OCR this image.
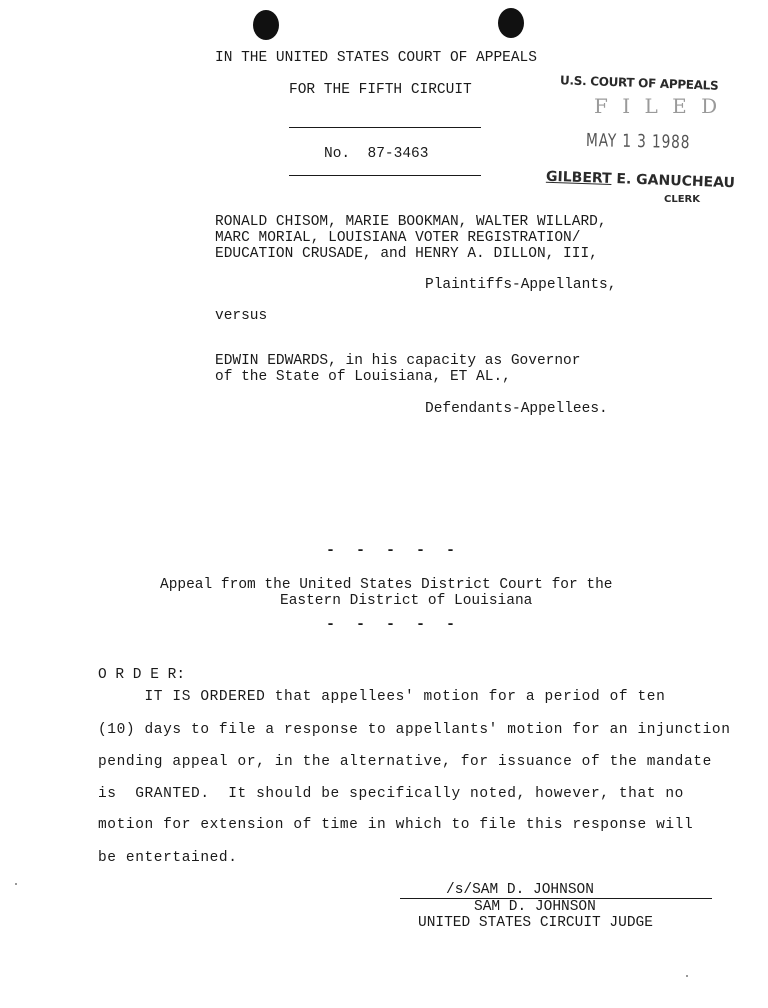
IN THE UNITED STATES COURT OF APPEALS
FOR THE FIFTH CIRCUIT
No.  87-3463
U.S. COURT OF APPEALS
F I L E D
MAY 1 3 1988
GILBERT E. GANUCHEAU
CLERK
RONALD CHISOM, MARIE BOOKMAN, WALTER WILLARD,
MARC MORIAL, LOUISIANA VOTER REGISTRATION/
EDUCATION CRUSADE, and HENRY A. DILLON, III,
Plaintiffs-Appellants,
versus
EDWIN EDWARDS, in his capacity as Governor
of the State of Louisiana, ET AL.,
Defendants-Appellees.
- - - - -
Appeal from the United States District Court for the
Eastern District of Louisiana
- - - - -
O R D E R:
IT IS ORDERED that appellees' motion for a period of ten
(10) days to file a response to appellants' motion for an injunction
pending appeal or, in the alternative, for issuance of the mandate
is  GRANTED.  It should be specifically noted, however, that no
motion for extension of time in which to file this response will
be entertained.
/s/SAM D. JOHNSON
SAM D. JOHNSON
UNITED STATES CIRCUIT JUDGE
